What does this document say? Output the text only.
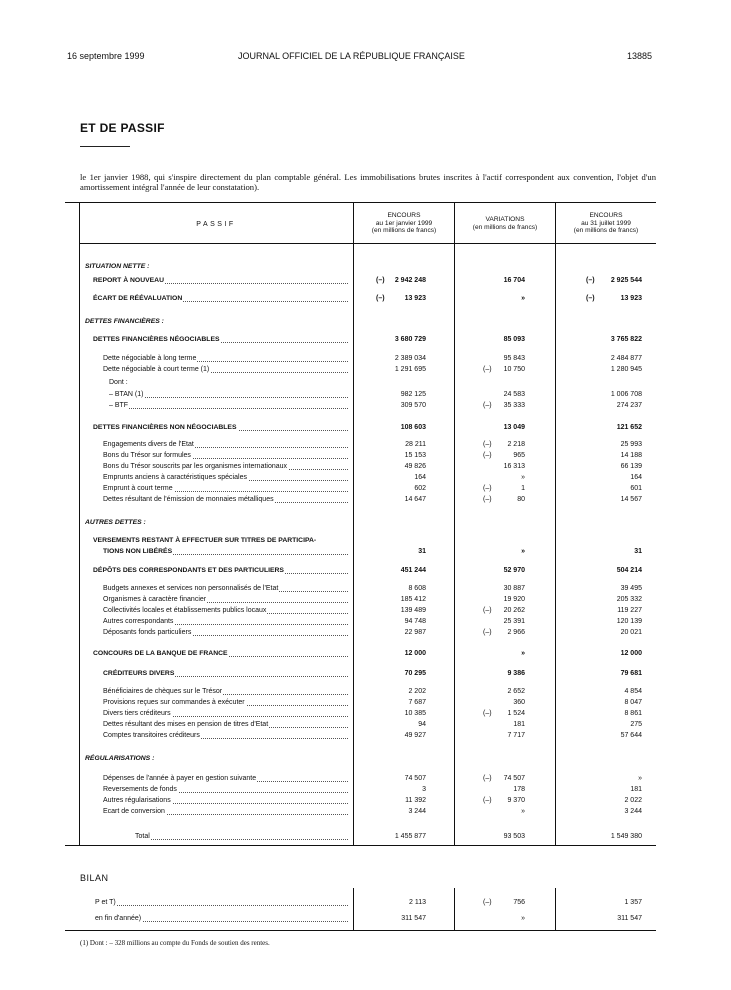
16 septembre 1999	JOURNAL OFFICIEL DE LA RÉPUBLIQUE FRANÇAISE	13885
ET DE PASSIF
le 1er janvier 1988, qui s'inspire directement du plan comptable général. Les immobilisations brutes inscrites à l'actif correspondent aux convention, l'objet d'un amortissement intégral l'année de leur constatation).
PASSIF
ENCOURS
au 1er janvier 1999
(en millions de francs)
VARIATIONS
(en millions de francs)
ENCOURS
au 31 juillet 1999
(en millions de francs)
SITUATION NETTE :
REPORT À NOUVEAU	(–)	2 942 248	16 704	(–)	2 925 544
ÉCART DE RÉÉVALUATION	(–)	13 923	»	(–)	13 923
DETTES FINANCIÈRES :
DETTES FINANCIÈRES NÉGOCIABLES	3 680 729	85 093	3 765 822
Dette négociable à long terme	2 389 034	95 843	2 484 877
Dette négociable à court terme (1)	1 291 695	(–)	10 750	1 280 945
Dont :
– BTAN (1)	982 125	24 583	1 006 708
– BTF	309 570	(–)	35 333	274 237
DETTES FINANCIÈRES NON NÉGOCIABLES	108 603	13 049	121 652
Engagements divers de l'Etat	28 211	(–)	2 218	25 993
Bons du Trésor sur formules	15 153	(–)	965	14 188
Bons du Trésor souscrits par les organismes internationaux	49 826	16 313	66 139
Emprunts anciens à caractéristiques spéciales	164	»	164
Emprunt à court terme	602	(–)	1	601
Dettes résultant de l'émission de monnaies métalliques	14 647	(–)	80	14 567
AUTRES DETTES :
VERSEMENTS RESTANT À EFFECTUER SUR TITRES DE PARTICIPA-
TIONS NON LIBÉRÉS	31	»	31
DÉPÔTS DES CORRESPONDANTS ET DES PARTICULIERS	451 244	52 970	504 214
Budgets annexes et services non personnalisés de l'Etat	8 608	30 887	39 495
Organismes à caractère financier	185 412	19 920	205 332
Collectivités locales et établissements publics locaux	139 489	(–)	20 262	119 227
Autres correspondants	94 748	25 391	120 139
Déposants fonds particuliers	22 987	(–)	2 966	20 021
CONCOURS DE LA BANQUE DE FRANCE	12 000	»	12 000
CRÉDITEURS DIVERS	70 295	9 386	79 681
Bénéficiaires de chèques sur le Trésor	2 202	2 652	4 854
Provisions reçues sur commandes à exécuter	7 687	360	8 047
Divers tiers créditeurs	10 385	(–)	1 524	8 861
Dettes résultant des mises en pension de titres d'Etat	94	181	275
Comptes transitoires créditeurs	49 927	7 717	57 644
RÉGULARISATIONS :
Dépenses de l'année à payer en gestion suivante	74 507	(–)	74 507	»
Reversements de fonds	3	178	181
Autres régularisations	11 392	(–)	9 370	2 022
Ecart de conversion	3 244	»	3 244
Total	1 455 877	93 503	1 549 380
BILAN
P et T)	2 113	(–)	756	1 357
en fin d'année)	311 547	»	311 547
(1) Dont : – 328 millions au compte du Fonds de soutien des rentes.
